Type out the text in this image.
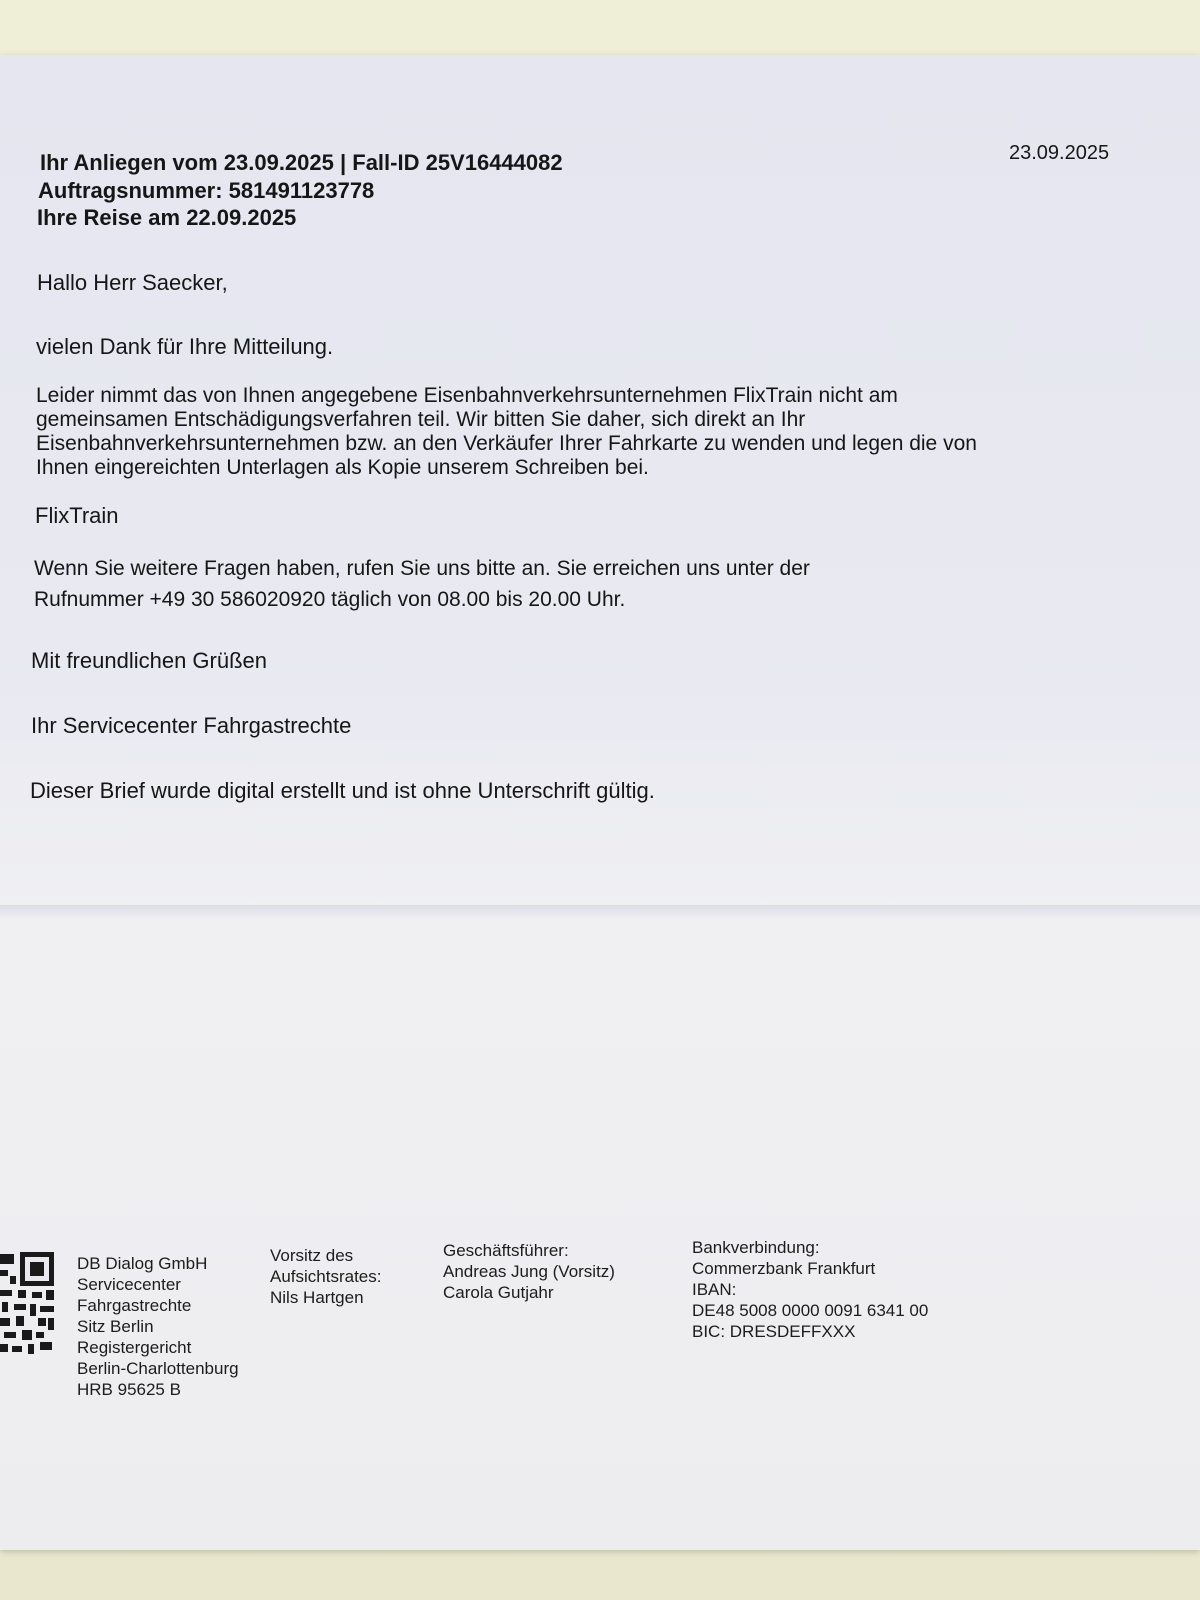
23.09.2025
Ihr Anliegen vom 23.09.2025 | Fall-ID 25V16444082
Auftragsnummer: 581491123778
Ihre Reise am 22.09.2025
Hallo Herr Saecker,
vielen Dank für Ihre Mitteilung.
Leider nimmt das von Ihnen angegebene Eisenbahnverkehrsunternehmen FlixTrain nicht am
gemeinsamen Entschädigungsverfahren teil. Wir bitten Sie daher, sich direkt an Ihr
Eisenbahnverkehrsunternehmen bzw. an den Verkäufer Ihrer Fahrkarte zu wenden und legen die von
Ihnen eingereichten Unterlagen als Kopie unserem Schreiben bei.
FlixTrain
Wenn Sie weitere Fragen haben, rufen Sie uns bitte an. Sie erreichen uns unter der
Rufnummer +49 30 586020920 täglich von 08.00 bis 20.00 Uhr.
Mit freundlichen Grüßen
Ihr Servicecenter Fahrgastrechte
Dieser Brief wurde digital erstellt und ist ohne Unterschrift gültig.
DB Dialog GmbH
Servicecenter
Fahrgastrechte
Sitz Berlin
Registergericht
Berlin-Charlottenburg
HRB 95625 B
Vorsitz des
Aufsichtsrates:
Nils Hartgen
Geschäftsführer:
Andreas Jung (Vorsitz)
Carola Gutjahr
Bankverbindung:
Commerzbank Frankfurt
IBAN:
DE48 5008 0000 0091 6341 00
BIC: DRESDEFFXXX
